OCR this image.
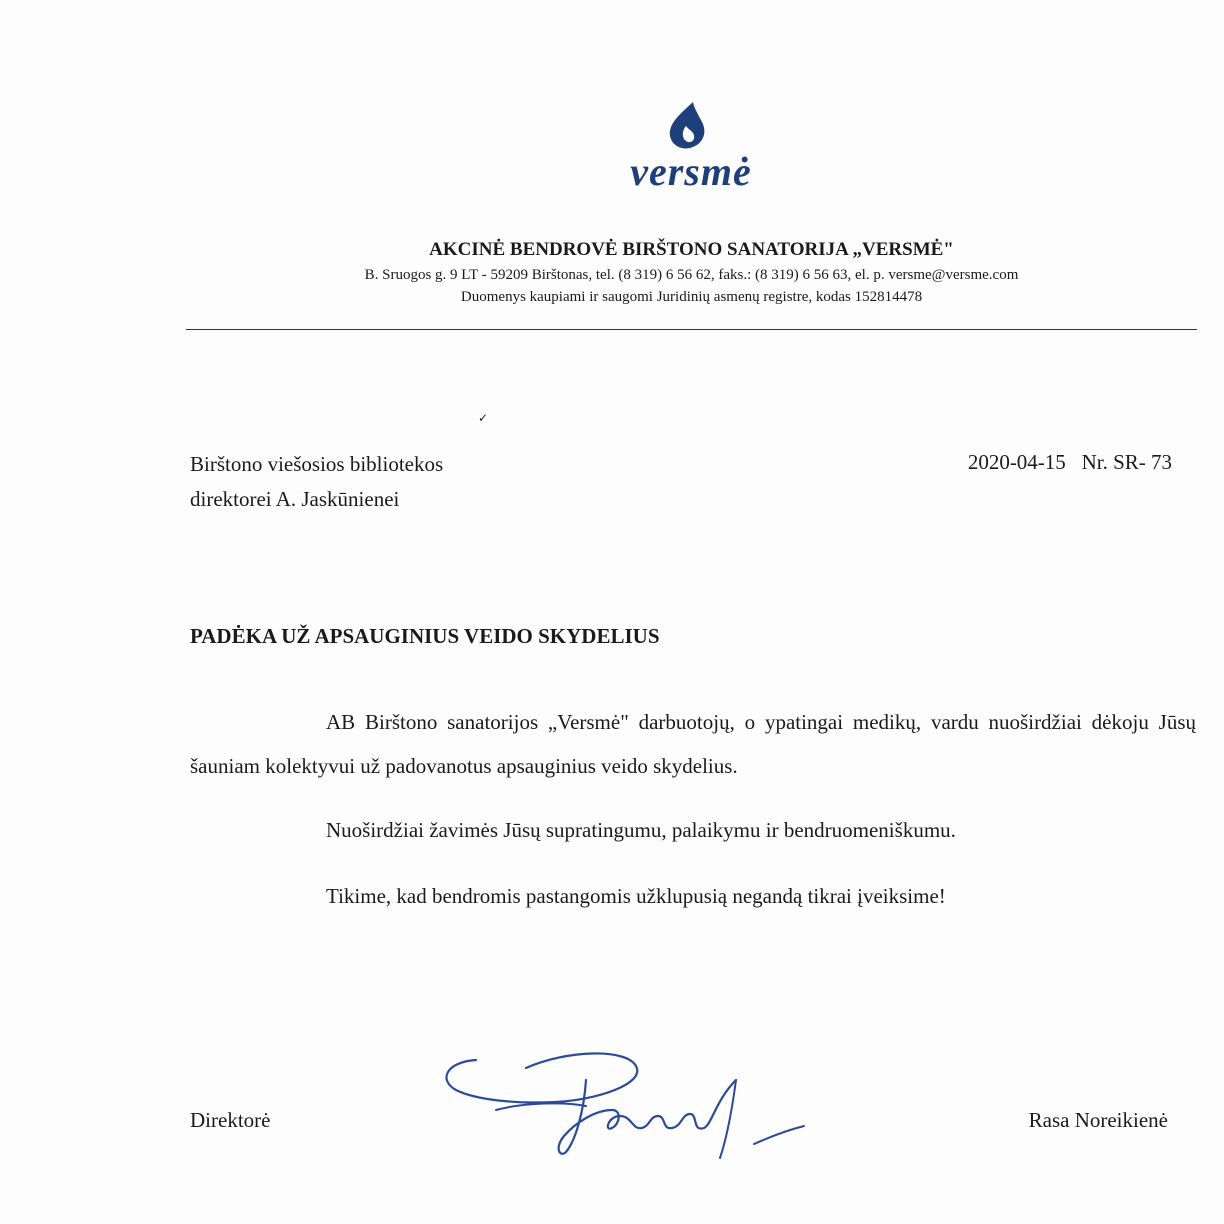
versmė
AKCINĖ BENDROVĖ BIRŠTONO SANATORIJA „VERSMĖ"
B. Sruogos g. 9 LT - 59209 Birštonas, tel. (8 319) 6 56 62, faks.: (8 319) 6 56 63, el. p. versme@versme.com
Duomenys kaupiami ir saugomi Juridinių asmenų registre, kodas 152814478
✓
Birštono viešosios bibliotekos
direktorei A. Jaskūnienei
2020-04-15 Nr. SR- 73
PADĖKA UŽ APSAUGINIUS VEIDO SKYDELIUS
AB Birštono sanatorijos „Versmė" darbuotojų, o ypatingai medikų, vardu nuoširdžiai dėkoju Jūsų šauniam kolektyvui už padovanotus apsauginius veido skydelius.
Nuoširdžiai žavimės Jūsų supratingumu, palaikymu ir bendruomeniškumu.
Tikime, kad bendromis pastangomis užklupusią negandą tikrai įveiksime!
Direktorė	Rasa Noreikienė
